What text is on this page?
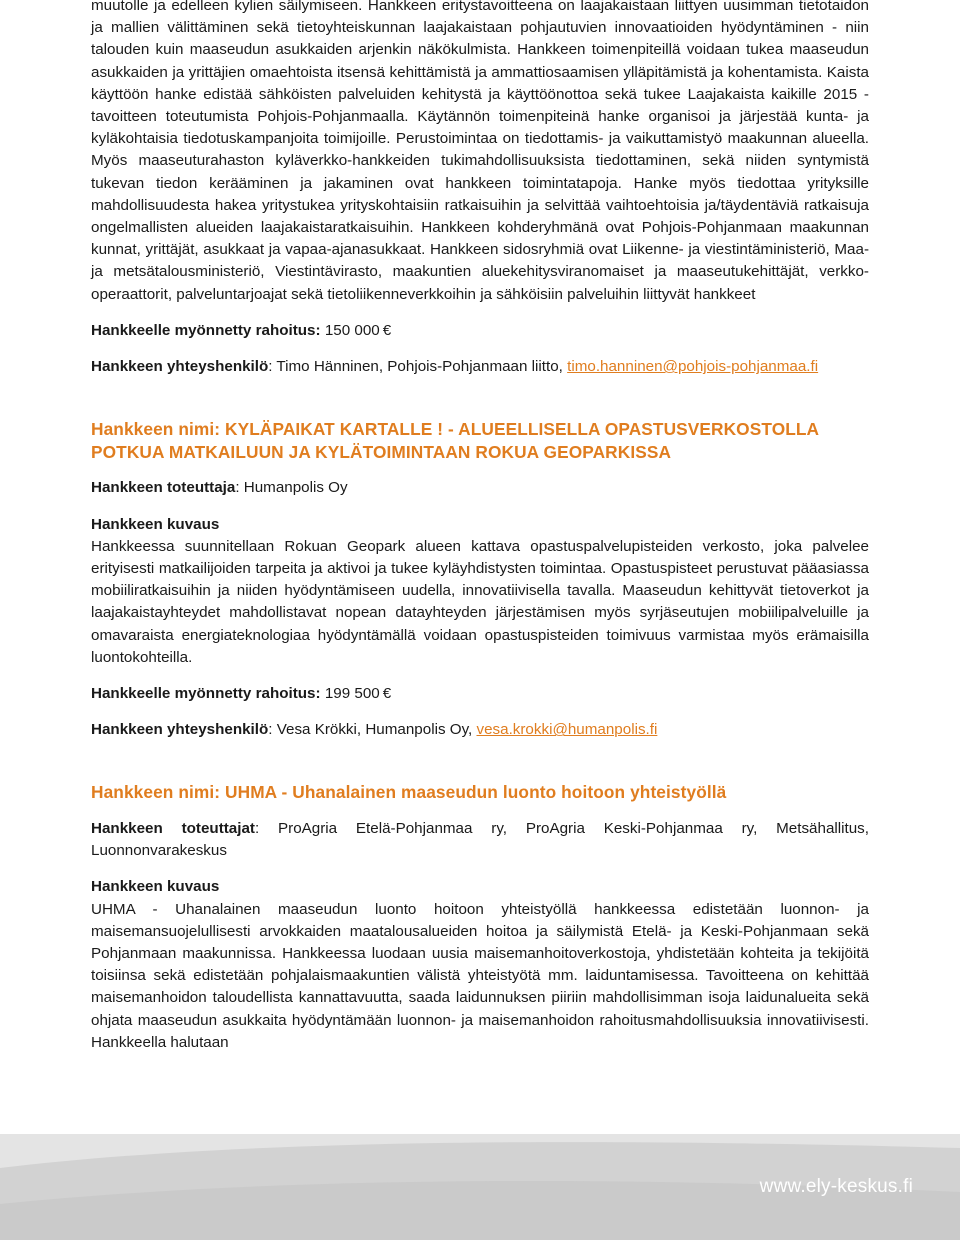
muutolle ja edelleen kylien säilymiseen. Hankkeen eritystavoitteena on laajakaistaan liittyen uusimman tietotaidon ja mallien välittäminen sekä tietoyhteiskunnan laajakaistaan pohjautuvien innovaatioiden hyödyntäminen - niin talouden kuin maaseudun asukkaiden arjenkin näkökulmista. Hankkeen toimenpiteillä voidaan tukea maaseudun asukkaiden ja yrittäjien omaehtoista itsensä kehittämistä ja ammattiosaamisen ylläpitämistä ja kohentamista. Kaista käyttöön hanke edistää sähköisten palveluiden kehitystä ja käyttöönottoa sekä tukee Laajakaista kaikille 2015 - tavoitteen toteutumista Pohjois-Pohjanmaalla. Käytännön toimenpiteinä hanke organisoi ja järjestää kunta- ja kyläkohtaisia tiedotuskampanjoita toimijoille. Perustoimintaa on tiedottamis- ja vaikuttamistyö maakunnan alueella. Myös maaseuturahaston kyläverkko-hankkeiden tukimahdollisuuksista tiedottaminen, sekä niiden syntymistä tukevan tiedon kerääminen ja jakaminen ovat hankkeen toimintatapoja. Hanke myös tiedottaa yrityksille mahdollisuudesta hakea yritystukea yrityskohtaisiin ratkaisuihin ja selvittää vaihtoehtoisia ja/täydentäviä ratkaisuja ongelmallisten alueiden laajakaistaratkaisuihin. Hankkeen kohderyhmänä ovat Pohjois-Pohjanmaan maakunnan kunnat, yrittäjät, asukkaat ja vapaa-ajanasukkaat. Hankkeen sidosryhmiä ovat Liikenne- ja viestintäministeriö, Maa- ja metsätalousministeriö, Viestintävirasto, maakuntien aluekehitysviranomaiset ja maaseutukehittäjät, verkko-operaattorit, palveluntarjoajat sekä tietoliikenneverkkoihin ja sähköisiin palveluihin liittyvät hankkeet

Hankkeelle myönnetty rahoitus: 150 000 €

Hankkeen yhteyshenkilö: Timo Hänninen, Pohjois-Pohjanmaan liitto, timo.hanninen@pohjois-pohjanmaa.fi

Hankkeen nimi: KYLÄPAIKAT KARTALLE ! - ALUEELLISELLA OPASTUSVERKOSTOLLA POTKUA MATKAILUUN JA KYLÄTOIMINTAAN ROKUA GEOPARKISSA

Hankkeen toteuttaja: Humanpolis Oy

Hankkeen kuvaus

Hankkeessa suunnitellaan Rokuan Geopark alueen kattava opastuspalvelupisteiden verkosto, joka palvelee erityisesti matkailijoiden tarpeita ja aktivoi ja tukee kyläyhdistysten toimintaa. Opastuspisteet perustuvat pääasiassa mobiiliratkaisuihin ja niiden hyödyntämiseen uudella, innovatiivisella tavalla. Maaseudun kehittyvät tietoverkot ja laajakaistayhteydet mahdollistavat nopean datayhteyden järjestämisen myös syrjäseutujen mobiilipalveluille ja omavaraista energiateknologiaa hyödyntämällä voidaan opastuspisteiden toimivuus varmistaa myös erämaisilla luontokohteilla.

Hankkeelle myönnetty rahoitus: 199 500 €

Hankkeen yhteyshenkilö: Vesa Krökki, Humanpolis Oy, vesa.krokki@humanpolis.fi

Hankkeen nimi: UHMA - Uhanalainen maaseudun luonto hoitoon yhteistyöllä

Hankkeen toteuttajat: ProAgria Etelä-Pohjanmaa ry, ProAgria Keski-Pohjanmaa ry, Metsähallitus, Luonnonvarakeskus

Hankkeen kuvaus

UHMA - Uhanalainen maaseudun luonto hoitoon yhteistyöllä hankkeessa edistetään luonnon- ja maisemansuojelullisesti arvokkaiden maatalousalueiden hoitoa ja säilymistä Etelä- ja Keski-Pohjanmaan sekä Pohjanmaan maakunnissa. Hankkeessa luodaan uusia maisemanhoitoverkostoja, yhdistetään kohteita ja tekijöitä toisiinsa sekä edistetään pohjalaismaakuntien välistä yhteistyötä mm. laiduntamisessa. Tavoitteena on kehittää maisemanhoidon taloudellista kannattavuutta, saada laidunnuksen piiriin mahdollisimman isoja laidunalueita sekä ohjata maaseudun asukkaita hyödyntämään luonnon- ja maisemanhoidon rahoitusmahdollisuuksia innovatiivisesti. Hankkeella halutaan

www.ely-keskus.fi
